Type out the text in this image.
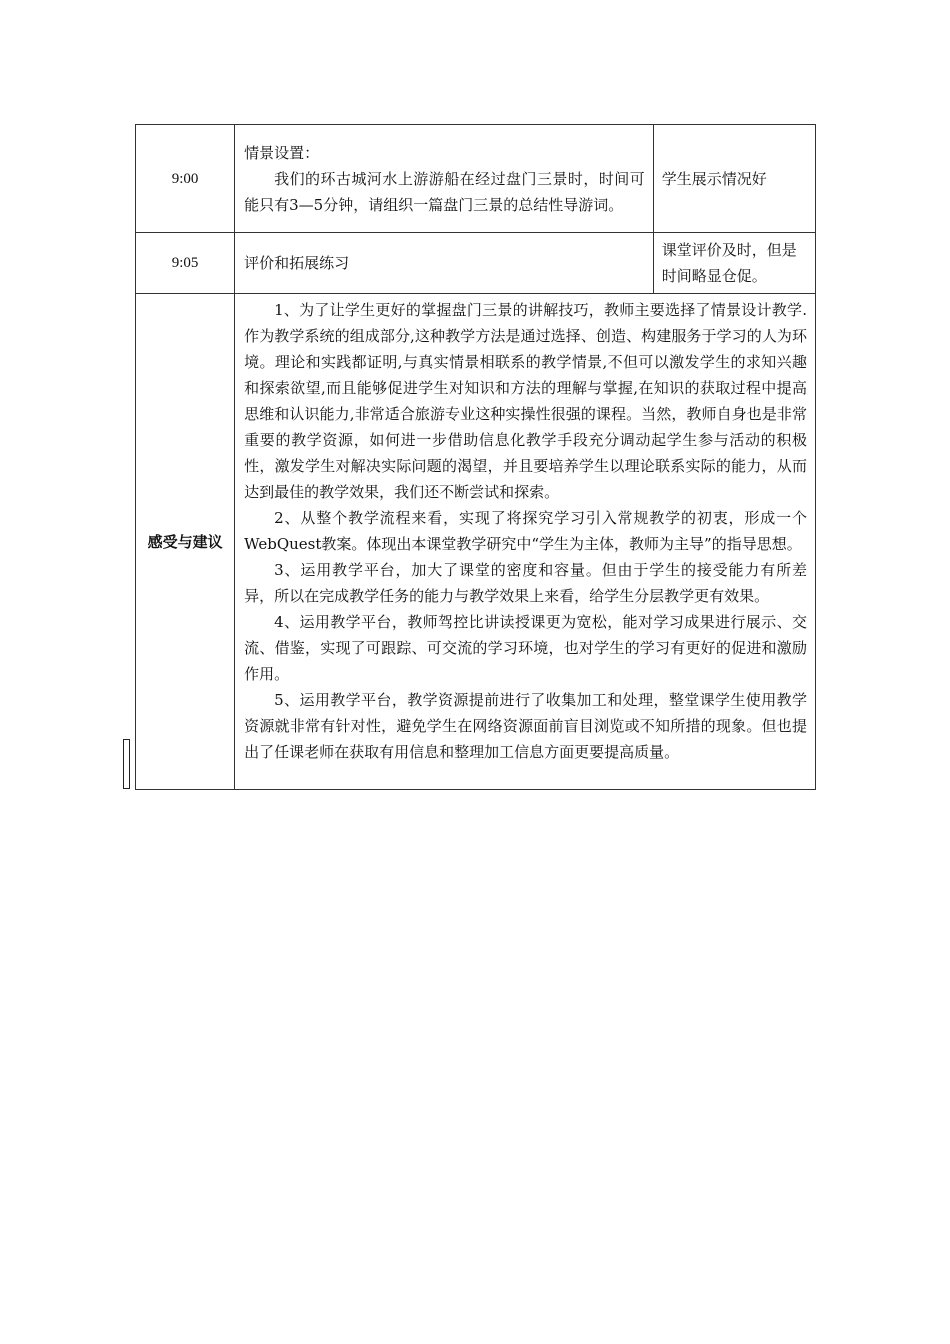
9:00	情景设置：

我们的环古城河水上游游船在经过盘门三景时，时间可能只有3—5分钟，请组织一篇盘门三景的总结性导游词。	学生展示情况好
9:05	评价和拓展练习	课堂评价及时，但是时间略显仓促。
感受与建议	1、为了让学生更好的掌握盘门三景的讲解技巧，教师主要选择了情景设计教学.作为教学系统的组成部分,这种教学方法是通过选择、创造、构建服务于学习的人为环境。理论和实践都证明,与真实情景相联系的教学情景,不但可以激发学生的求知兴趣和探索欲望,而且能够促进学生对知识和方法的理解与掌握,在知识的获取过程中提高思维和认识能力,非常适合旅游专业这种实操性很强的课程。当然，教师自身也是非常重要的教学资源，如何进一步借助信息化教学手段充分调动起学生参与活动的积极性，激发学生对解决实际问题的渴望，并且要培养学生以理论联系实际的能力，从而达到最佳的教学效果，我们还不断尝试和探索。

2、从整个教学流程来看，实现了将探究学习引入常规教学的初衷，形成一个WebQuest教案。体现出本课堂教学研究中“学生为主体，教师为主导”的指导思想。

3、运用教学平台，加大了课堂的密度和容量。但由于学生的接受能力有所差异，所以在完成教学任务的能力与教学效果上来看，给学生分层教学更有效果。

4、运用教学平台，教师驾控比讲读授课更为宽松，能对学习成果进行展示、交流、借鉴，实现了可跟踪、可交流的学习环境，也对学生的学习有更好的促进和激励作用。

5、运用教学平台，教学资源提前进行了收集加工和处理，整堂课学生使用教学资源就非常有针对性，避免学生在网络资源面前盲目浏览或不知所措的现象。但也提出了任课老师在获取有用信息和整理加工信息方面更要提高质量。	
